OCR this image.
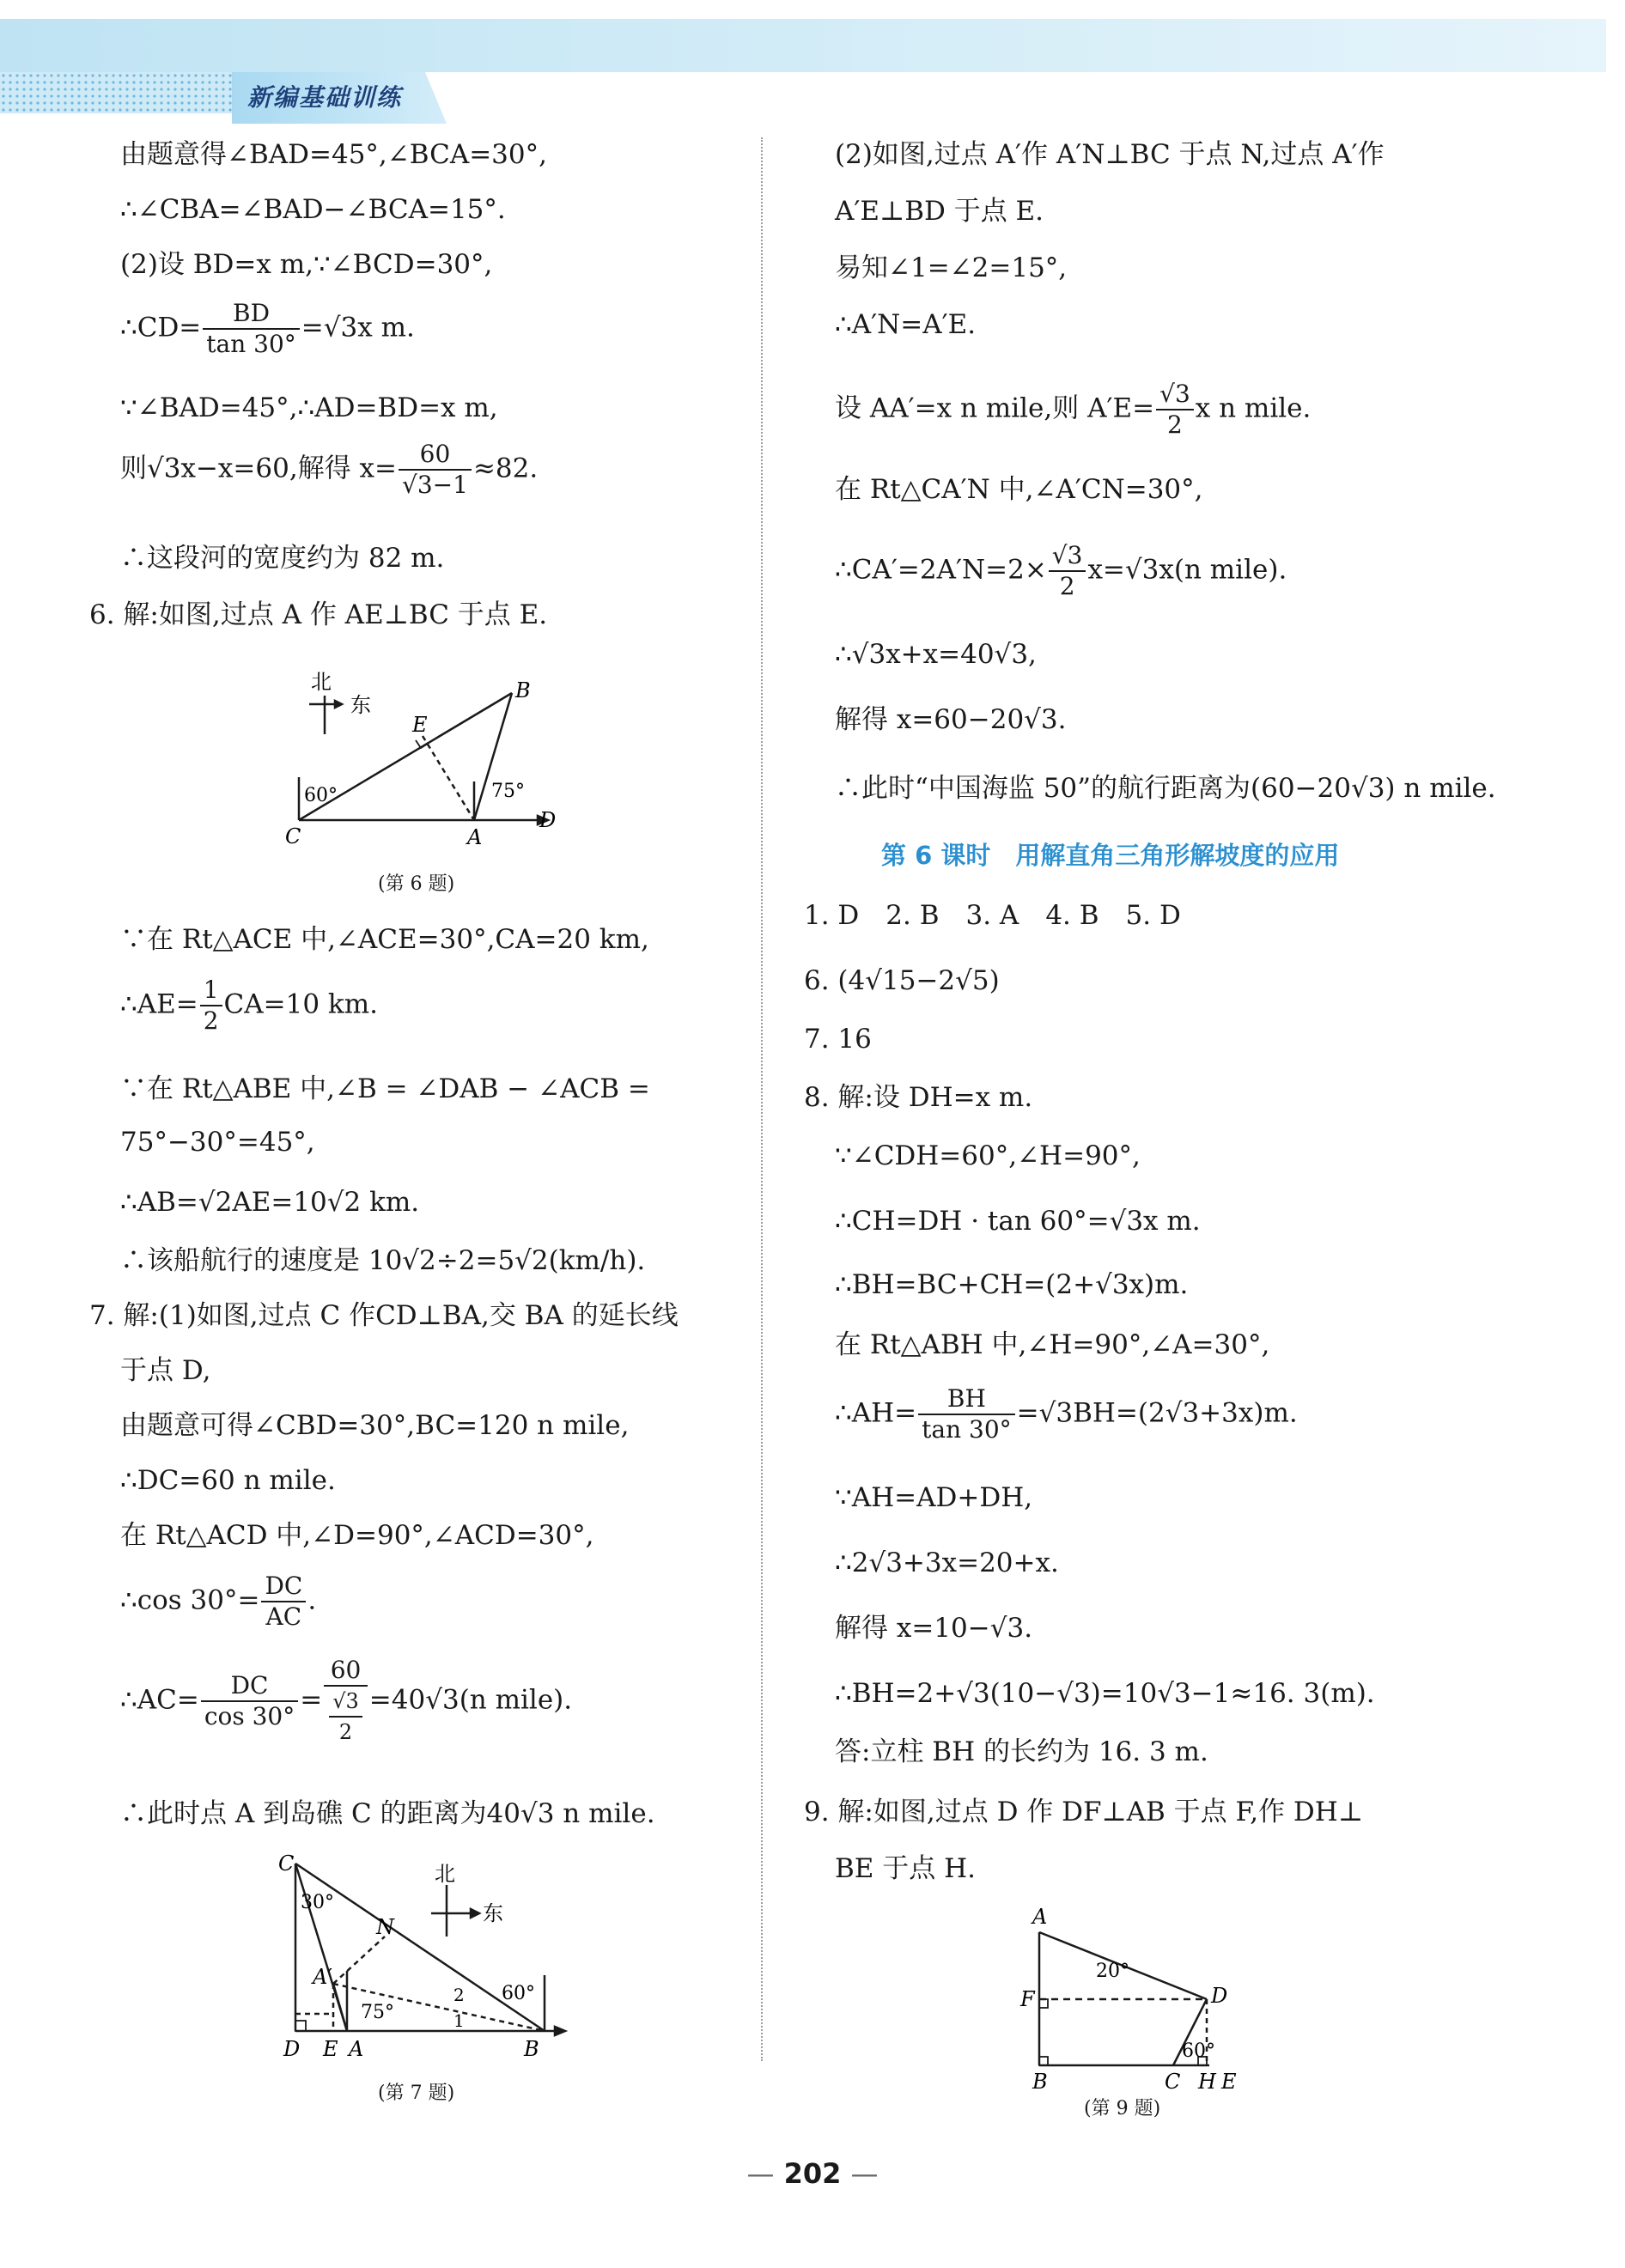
新编基础训练
由题意得∠BAD=45°,∠BCA=30°,
∴∠CBA=∠BAD−∠BCA=15°.
(2)设 BD=x m,∵∠BCD=30°,
∴CD= $\frac{BD}{\tan 30^\circ} =√3x$ m.
∵∠BAD=45°,∴AD=BD=x m,
则√3x−x=60,解得 $x= \frac{60}{√3-1} \approx 82$.
∴这段河的宽度约为 82 m.
6. 解:如图,过点 A 作 AE⊥BC 于点 E.
北
东
60°	75°
C	A
D
B
E
(第 6 题)
∵在 Rt△ACE 中,∠ACE=30°,CA=20 km,
∴AE= $\frac{1}{2} CA=10$ km.
∵在 Rt△ABE 中,∠B = ∠DAB − ∠ACB =
75°−30°=45°,
∴AB=√2AE=10√2 km.
∴该船航行的速度是 10√2÷2=5√2(km/h).
7. 解:(1)如图,过点 C 作CD⊥BA,交 BA 的延长线
于点 D,
由题意可得∠CBD=30°,BC=120 n mile,
∴DC=60 n mile.
在 Rt△ACD 中,∠D=90°,∠ACD=30°,
∴cos $30^\circ= \frac{DC}{AC}$ .
∴AC= $\frac{DC}{\cos 30^\circ} = \frac{60}{\frac{√3}{2}} =40√3(n$ mile).
∴此时点 A 到岛礁 C 的距离为40√3 n mile.
北
东
30°
75°
60°
2
1
C
N
A′
D E A	B
(第 7 题)
(2)如图,过点 A′作 A′N⊥BC 于点 N,过点 A′作
A′E⊥BD 于点 E.
易知∠1=∠2=15°,
∴A′N=A′E.
设 AA′=x n mile,则 $A'E= \frac{√3}{2}$ x n mile.
在 Rt△CA′N 中,∠A′CN=30°,
∴CA′=2A′N=2× $\frac{√3}{2} x=√3x(n$ mile).
∴√3x+x=40√3,
解得 x=60−20√3.
∴此时“中国海监 50”的航行距离为(60−20√3) n mile.
第 6 课时　用解直角三角形解坡度的应用
1. D　2. B　3. A　4. B　5. D
6. (4√15−2√5)
7. 16
8. 解:设 DH=x m.
∵∠CDH=60°,∠H=90°,
∴CH=DH · tan 60°=√3x m.
∴BH=BC+CH=(2+√3x)m.
在 Rt△ABH 中,∠H=90°,∠A=30°,
∴AH= $\frac{BH}{\tan 30^\circ} =√3BH=(2√3+3x)m$.
∵AH=AD+DH,
∴2√3+3x=20+x.
解得 x=10−√3.
∴BH=2+√3(10−√3)=10√3−1≈16. 3(m).
答:立柱 BH 的长约为 16. 3 m.
9. 解:如图,过点 D 作 DF⊥AB 于点 F,作 DH⊥
BE 于点 H.
20°
60°
A
F	D
B	C H E
(第 9 题)
— 202 —
